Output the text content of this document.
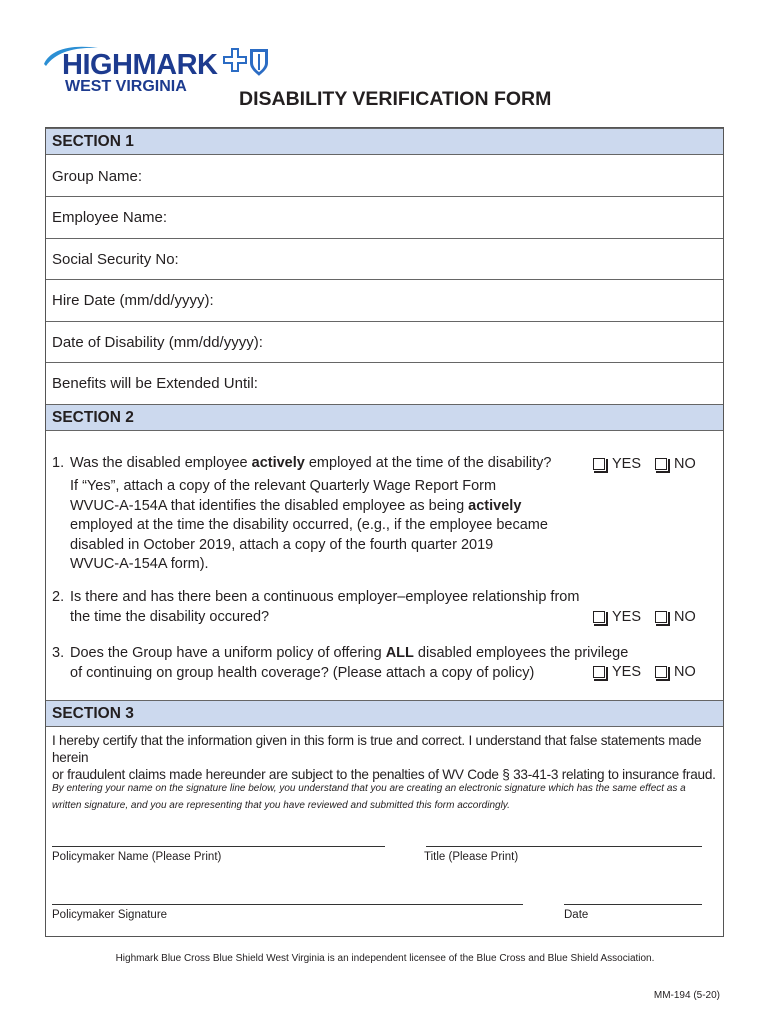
HIGHMARK
WEST VIRGINIA
DISABILITY VERIFICATION FORM
SECTION 1
Group Name:
Employee Name:
Social Security No:
Hire Date (mm/dd/yyyy):
Date of Disability (mm/dd/yyyy):
Benefits will be Extended Until:
SECTION 2
1. Was the disabled employee actively employed at the time of the disability?
If “Yes”, attach a copy of the relevant Quarterly Wage Report Form
WVUC-A-154A that identifies the disabled employee as being actively
employed at the time the disability occurred, (e.g., if the employee became
disabled in October 2019, attach a copy of the fourth quarter 2019
WVUC-A-154A form).
YES NO
2. Is there and has there been a continuous employer–employee relationship from
the time the disability occured?	YES NO
3. Does the Group have a uniform policy of offering ALL disabled employees the privilege
of continuing on group health coverage? (Please attach a copy of policy)	YES NO
SECTION 3
I hereby certify that the information given in this form is true and correct. I understand that false statements made herein
or fraudulent claims made hereunder are subject to the penalties of WV Code § 33-41-3 relating to insurance fraud.
By entering your name on the signature line below, you understand that you are creating an electronic signature which has the same effect as a
written signature, and you are representing that you have reviewed and submitted this form accordingly.
Policymaker Name (Please Print)	Title (Please Print)
Policymaker Signature	Date
Highmark Blue Cross Blue Shield West Virginia is an independent licensee of the Blue Cross and Blue Shield Association.
MM-194 (5-20)
